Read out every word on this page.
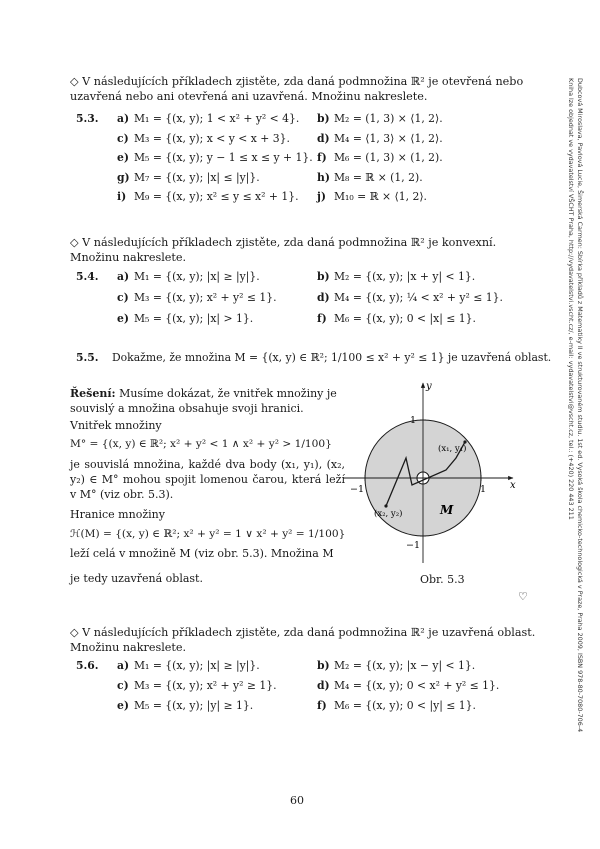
Dubcová Miroslava, Pavlová Lucie, Šimerská Carmen: Sbírka příkladů z Matematiky II ve strukturovaném studiu. 1st ed. Vysoká škola chemicko-technologická v Praze, Praha 2009, ISBN 978-80-7080-706-4
Kniha lze objednat ve vydavatelství VŠCHT Praha, http://vydavatelstvi.vscht.cz/, e-mail: vydavatelstvi@vscht.cz, tel.: (+420) 220 443 211
◇ V následujících příkladech zjistěte, zda daná podmnožina ℝ² je otevřená nebo uzavřená nebo ani otevřená ani uzavřená. Množinu nakreslete.
5.3. a) M₁ = {(x, y); 1 < x² + y² < 4}. b) M₂ = (1, 3) × ⟨1, 2⟩.
c) M₃ = {(x, y); x < y < x + 3}.	d) M₄ = ⟨1, 3⟩ × ⟨1, 2⟩.
e) M₅ = {(x, y); y − 1 ≤ x ≤ y + 1}. f) M₆ = (1, 3) × (1, 2).
g) M₇ = {(x, y); |x| ≤ |y|}.	h) M₈ = ℝ × (1, 2).
i) M₉ = {(x, y); x² ≤ y ≤ x² + 1}. j) M₁₀ = ℝ × ⟨1, 2⟩.
◇ V následujících příkladech zjistěte, zda daná podmnožina ℝ² je konvexní. Množinu nakreslete.
5.4. a) M₁ = {(x, y); |x| ≥ |y|}.	b) M₂ = {(x, y); |x + y| < 1}.
c) M₃ = {(x, y); x² + y² ≤ 1}.	d) M₄ = {(x, y); ¼ < x² + y² ≤ 1}.
e) M₅ = {(x, y); |x| > 1}.	f) M₆ = {(x, y); 0 < |x| ≤ 1}.
5.5. Dokažme, že množina M = {(x, y) ∈ ℝ²; 1/100 ≤ x² + y² ≤ 1} je uzavřená oblast.
Řešení: Musíme dokázat, že vnitřek množiny je souvislý a množina obsahuje svoji hranici.
Vnitřek množiny
M° = {(x, y) ∈ ℝ²; x² + y² < 1 ∧ x² + y² > 1/100}
je souvislá množina, každé dva body (x₁, y₁), (x₂, y₂) ∈ M° mohou spojit lomenou čarou, která leží v M° (viz obr. 5.3).
Hranice množiny
ℋ(M) = {(x, y) ∈ ℝ²; x² + y² = 1 ∨ x² + y² = 1/100}
leží celá v množině M (viz obr. 5.3). Množina M
je tedy uzavřená oblast.
y
x
1
−1
−1	1
(x₁, y₁)
(x₂, y₂)	M
Obr. 5.3
♡
◇ V následujících příkladech zjistěte, zda daná podmnožina ℝ² je uzavřená oblast. Množinu nakreslete.
5.6. a) M₁ = {(x, y); |x| ≥ |y|}.	b) M₂ = {(x, y); |x − y| < 1}.
c) M₃ = {(x, y); x² + y² ≥ 1}.	d) M₄ = {(x, y); 0 < x² + y² ≤ 1}.
e) M₅ = {(x, y); |y| ≥ 1}.	f) M₆ = {(x, y); 0 < |y| ≤ 1}.
60
